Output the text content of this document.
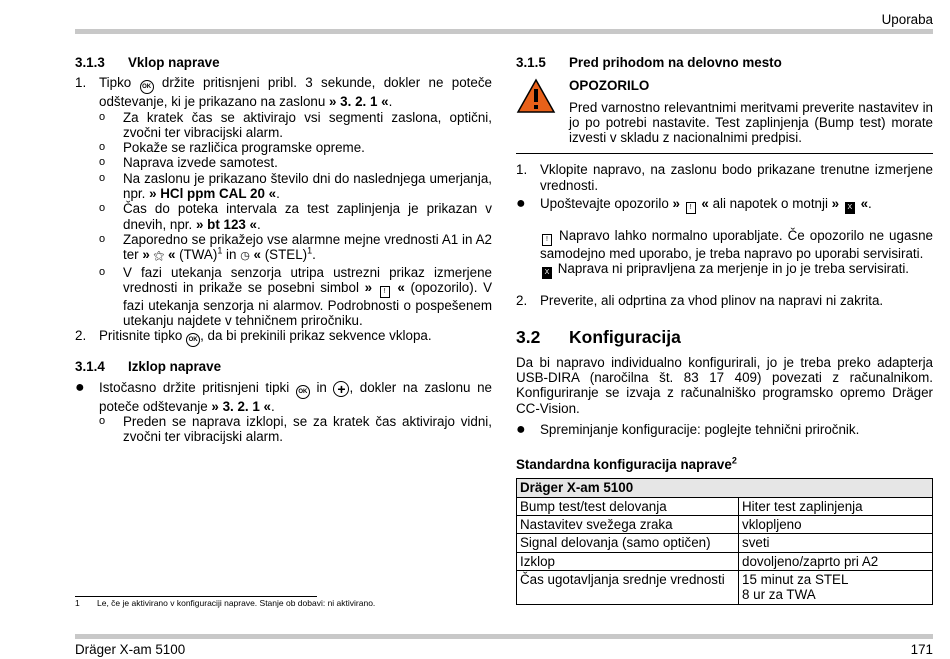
Uporaba
3.1.3	Vklop naprave
1. Tipko OK držite pritisnjeni pribl. 3 sekunde, dokler ne poteče odštevanje, ki je prikazano na zaslonu » 3. 2. 1 «.
o	Za kratek čas se aktivirajo vsi segmenti zaslona, optični, zvočni ter vibracijski alarm.
o	Pokaže se različica programske opreme.
o	Naprava izvede samotest.
o	Na zaslonu je prikazano število dni do naslednjega umerjanja, npr. » HCl ppm CAL 20 «.
o	Čas do poteka intervala za test zaplinjenja je prikazan v dnevih, npr. » bt 123 «.
o	Zaporedno se prikažejo vse alarmne mejne vrednosti A1 in A2 ter » ⚝ « (TWA)$^1$ in ◷ « (STEL)$^1$.
o	V fazi utekanja senzorja utripa ustrezni prikaz izmerjene vrednosti in prikaže se posebni simbol » ! « (opozorilo). V fazi utekanja senzorja ni alarmov. Podrobnosti o pospešenem utekanju najdete v tehničnem priročniku.
2. Pritisnite tipko OK , da bi prekinili prikaz sekvence vklopa.
3.1.4	Izklop naprave
●	Istočasno držite pritisnjeni tipki OK in + , dokler na zaslonu ne poteče odštevanje » 3. 2. 1 «.
o	Preden se naprava izklopi, se za kratek čas aktivirajo vidni, zvočni ter vibracijski alarm.
1	Le, če je aktivirano v konfiguraciji naprave. Stanje ob dobavi: ni aktivirano.
3.1.5	Pred prihodom na delovno mesto
OPOZORILO
Pred varnostno relevantnimi meritvami preverite nastavitev in jo po potrebi nastavite. Test zaplinjenja (Bump test) morate izvesti v skladu z nacionalnimi predpisi.
1. Vklopite napravo, na zaslonu bodo prikazane trenutne izmerjene vrednosti.
●	Upoštevajte opozorilo » ! « ali napotek o motnji » X «.
! Napravo lahko normalno uporabljate. Če opozorilo ne ugasne samodejno med uporabo, je treba napravo po uporabi servisirati.
X Naprava ni pripravljena za merjenje in jo je treba servisirati.
2. Preverite, ali odprtina za vhod plinov na napravi ni zakrita.
3.2	Konfiguracija
Da bi napravo individualno konfigurirali, jo je treba preko adapterja USB-DIRA (naročilna št. 83 17 409) povezati z računalnikom. Konfiguriranje se izvaja z računalniško programsko opremo Dräger CC-Vision.
●	Spreminjanje konfiguracije: poglejte tehnični priročnik.
Standardna konfiguracija naprave$^2$
Dräger X-am 5100	
Bump test/test delovanja	Hiter test zaplinjenja
Nastavitev svežega zraka	vklopljeno
Signal delovanja (samo optičen)	sveti
Izklop	dovoljeno/zaprto pri A2
Čas ugotavljanja srednje vrednosti	15 minut za STEL
8 ur za TWA
Dräger X-am 5100	171
